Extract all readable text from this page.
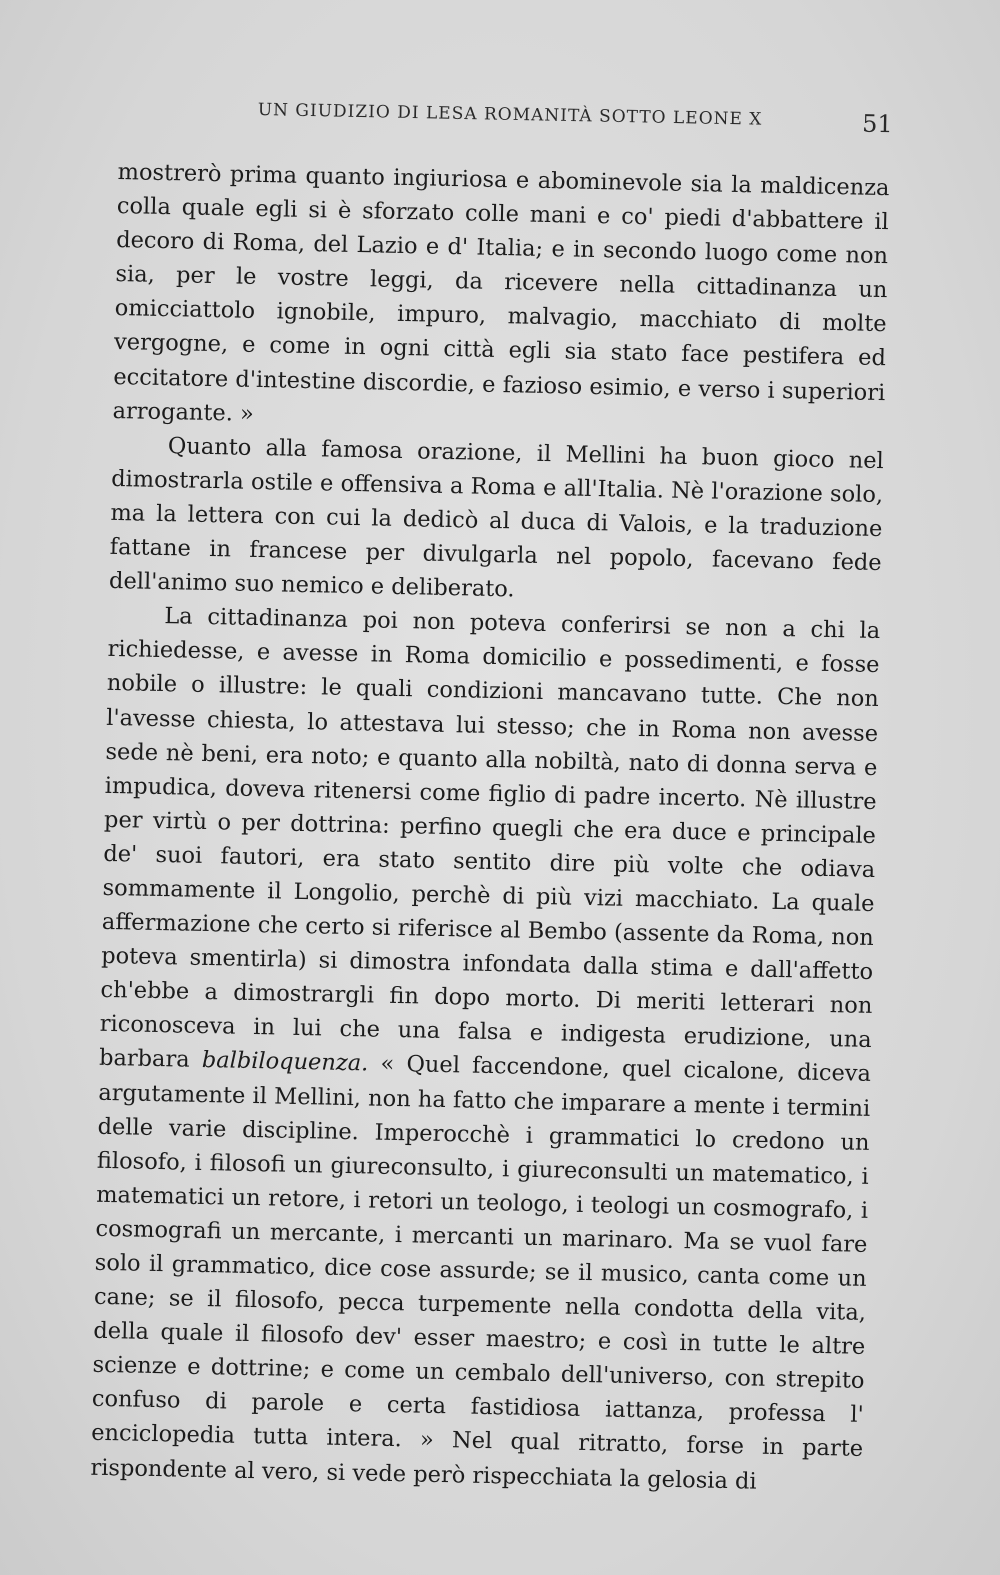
UN GIUDIZIO DI LESA ROMANITÀ SOTTO LEONE X	51

mostrerò prima quanto ingiuriosa e abominevole sia la maldicenza colla quale egli si è sforzato colle mani e co' piedi d'abbattere il decoro di Roma, del Lazio e d' Italia; e in secondo luogo come non sia, per le vostre leggi, da ricevere nella cittadinanza un omicciattolo ignobile, impuro, malvagio, macchiato di molte vergogne, e come in ogni città egli sia stato face pestifera ed eccitatore d'intestine discordie, e fazioso esimio, e verso i superiori arrogante. »

Quanto alla famosa orazione, il Mellini ha buon gioco nel dimostrarla ostile e offensiva a Roma e all'Italia. Nè l'orazione solo, ma la lettera con cui la dedicò al duca di Valois, e la traduzione fattane in francese per divulgarla nel popolo, facevano fede dell'animo suo nemico e deliberato.

La cittadinanza poi non poteva conferirsi se non a chi la richiedesse, e avesse in Roma domicilio e possedimenti, e fosse nobile o illustre: le quali condizioni mancavano tutte. Che non l'avesse chiesta, lo attestava lui stesso; che in Roma non avesse sede nè beni, era noto; e quanto alla nobiltà, nato di donna serva e impudica, doveva ritenersi come figlio di padre incerto. Nè illustre per virtù o per dottrina: perfino quegli che era duce e principale de' suoi fautori, era stato sentito dire più volte che odiava sommamente il Longolio, perchè di più vizi macchiato. La quale affermazione che certo si riferisce al Bembo (assente da Roma, non poteva smentirla) si dimostra infondata dalla stima e dall'affetto ch'ebbe a dimostrargli fin dopo morto. Di meriti letterari non riconosceva in lui che una falsa e indigesta erudizione, una barbara balbiloquenza. « Quel faccendone, quel cicalone, diceva argutamente il Mellini, non ha fatto che imparare a mente i termini delle varie discipline. Imperocchè i grammatici lo credono un filosofo, i filosofi un giureconsulto, i giureconsulti un matematico, i matematici un retore, i retori un teologo, i teologi un cosmografo, i cosmografi un mercante, i mercanti un marinaro. Ma se vuol fare solo il grammatico, dice cose assurde; se il musico, canta come un cane; se il filosofo, pecca turpemente nella condotta della vita, della quale il filosofo dev' esser maestro; e così in tutte le altre scienze e dottrine; e come un cembalo dell'universo, con strepito confuso di parole e certa fastidiosa iattanza, professa l' enciclopedia tutta intera. » Nel qual ritratto, forse in parte rispondente al vero, si vede però rispecchiata la gelosia di
